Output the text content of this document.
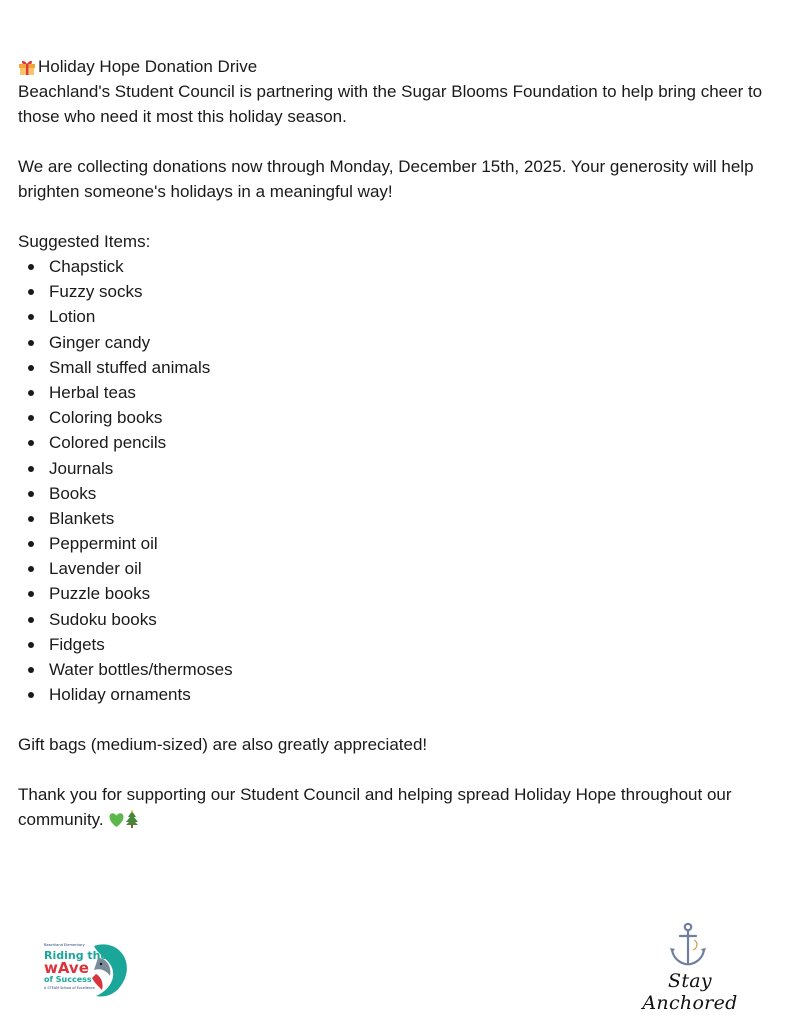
Holiday Hope Donation Drive

Beachland's Student Council is partnering with the Sugar Blooms Foundation to help bring cheer to those who need it most this holiday season.

We are collecting donations now through Monday, December 15th, 2025. Your generosity will help brighten someone's holidays in a meaningful way!

Suggested Items:

Chapstick
Fuzzy socks
Lotion
Ginger candy
Small stuffed animals
Herbal teas
Coloring books
Colored pencils
Journals
Books
Blankets
Peppermint oil
Lavender oil
Puzzle books
Sudoku books
Fidgets
Water bottles/thermoses
Holiday ornaments

Gift bags (medium-sized) are also greatly appreciated!

Thank you for supporting our Student Council and helping spread Holiday Hope throughout our community.

Beachland Elementary
Riding the
wAve
of Success
A STEAM School of Excellence	Stay Anchored
